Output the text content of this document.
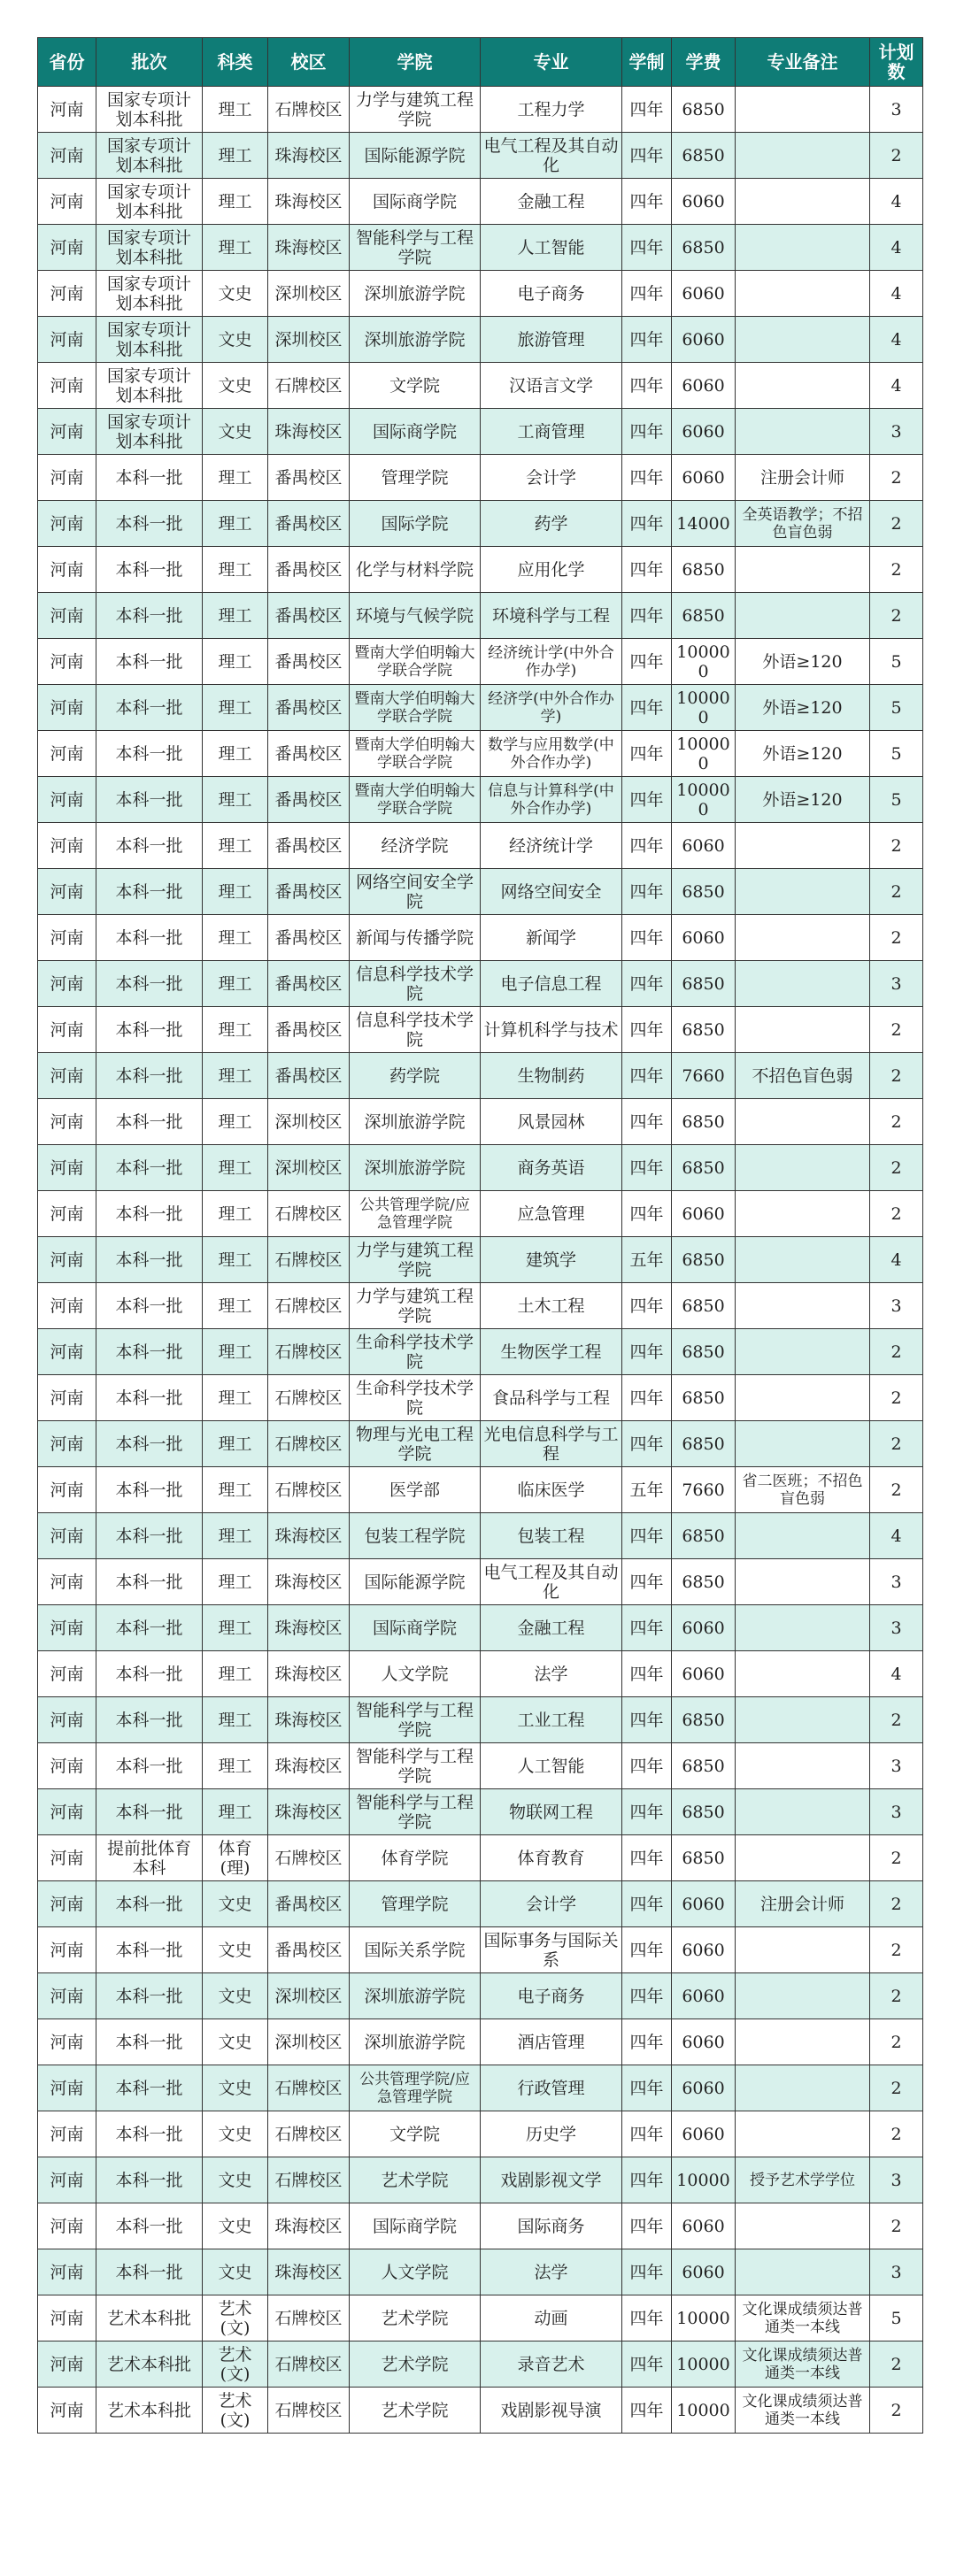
省份	批次	科类	校区	学院	专业	学制	学费	专业备注	计划数
河南	国家专项计划本科批	理工	石牌校区	力学与建筑工程学院	工程力学	四年	6850		3
河南	国家专项计划本科批	理工	珠海校区	国际能源学院	电气工程及其自动化	四年	6850		2
河南	国家专项计划本科批	理工	珠海校区	国际商学院	金融工程	四年	6060		4
河南	国家专项计划本科批	理工	珠海校区	智能科学与工程学院	人工智能	四年	6850		4
河南	国家专项计划本科批	文史	深圳校区	深圳旅游学院	电子商务	四年	6060		4
河南	国家专项计划本科批	文史	深圳校区	深圳旅游学院	旅游管理	四年	6060		4
河南	国家专项计划本科批	文史	石牌校区	文学院	汉语言文学	四年	6060		4
河南	国家专项计划本科批	文史	珠海校区	国际商学院	工商管理	四年	6060		3
河南	本科一批	理工	番禺校区	管理学院	会计学	四年	6060	注册会计师	2
河南	本科一批	理工	番禺校区	国际学院	药学	四年	14000	全英语教学；不招色盲色弱	2
河南	本科一批	理工	番禺校区	化学与材料学院	应用化学	四年	6850		2
河南	本科一批	理工	番禺校区	环境与气候学院	环境科学与工程	四年	6850		2
河南	本科一批	理工	番禺校区	暨南大学伯明翰大学联合学院	经济统计学(中外合作办学)	四年	100000	外语≥120	5
河南	本科一批	理工	番禺校区	暨南大学伯明翰大学联合学院	经济学(中外合作办学)	四年	100000	外语≥120	5
河南	本科一批	理工	番禺校区	暨南大学伯明翰大学联合学院	数学与应用数学(中外合作办学)	四年	100000	外语≥120	5
河南	本科一批	理工	番禺校区	暨南大学伯明翰大学联合学院	信息与计算科学(中外合作办学)	四年	100000	外语≥120	5
河南	本科一批	理工	番禺校区	经济学院	经济统计学	四年	6060		2
河南	本科一批	理工	番禺校区	网络空间安全学院	网络空间安全	四年	6850		2
河南	本科一批	理工	番禺校区	新闻与传播学院	新闻学	四年	6060		2
河南	本科一批	理工	番禺校区	信息科学技术学院	电子信息工程	四年	6850		3
河南	本科一批	理工	番禺校区	信息科学技术学院	计算机科学与技术	四年	6850		2
河南	本科一批	理工	番禺校区	药学院	生物制药	四年	7660	不招色盲色弱	2
河南	本科一批	理工	深圳校区	深圳旅游学院	风景园林	四年	6850		2
河南	本科一批	理工	深圳校区	深圳旅游学院	商务英语	四年	6850		2
河南	本科一批	理工	石牌校区	公共管理学院/应急管理学院	应急管理	四年	6060		2
河南	本科一批	理工	石牌校区	力学与建筑工程学院	建筑学	五年	6850		4
河南	本科一批	理工	石牌校区	力学与建筑工程学院	土木工程	四年	6850		3
河南	本科一批	理工	石牌校区	生命科学技术学院	生物医学工程	四年	6850		2
河南	本科一批	理工	石牌校区	生命科学技术学院	食品科学与工程	四年	6850		2
河南	本科一批	理工	石牌校区	物理与光电工程学院	光电信息科学与工程	四年	6850		2
河南	本科一批	理工	石牌校区	医学部	临床医学	五年	7660	省二医班；不招色盲色弱	2
河南	本科一批	理工	珠海校区	包装工程学院	包装工程	四年	6850		4
河南	本科一批	理工	珠海校区	国际能源学院	电气工程及其自动化	四年	6850		3
河南	本科一批	理工	珠海校区	国际商学院	金融工程	四年	6060		3
河南	本科一批	理工	珠海校区	人文学院	法学	四年	6060		4
河南	本科一批	理工	珠海校区	智能科学与工程学院	工业工程	四年	6850		2
河南	本科一批	理工	珠海校区	智能科学与工程学院	人工智能	四年	6850		3
河南	本科一批	理工	珠海校区	智能科学与工程学院	物联网工程	四年	6850		3
河南	提前批体育本科	体育(理)	石牌校区	体育学院	体育教育	四年	6850		2
河南	本科一批	文史	番禺校区	管理学院	会计学	四年	6060	注册会计师	2
河南	本科一批	文史	番禺校区	国际关系学院	国际事务与国际关系	四年	6060		2
河南	本科一批	文史	深圳校区	深圳旅游学院	电子商务	四年	6060		2
河南	本科一批	文史	深圳校区	深圳旅游学院	酒店管理	四年	6060		2
河南	本科一批	文史	石牌校区	公共管理学院/应急管理学院	行政管理	四年	6060		2
河南	本科一批	文史	石牌校区	文学院	历史学	四年	6060		2
河南	本科一批	文史	石牌校区	艺术学院	戏剧影视文学	四年	10000	授予艺术学学位	3
河南	本科一批	文史	珠海校区	国际商学院	国际商务	四年	6060		2
河南	本科一批	文史	珠海校区	人文学院	法学	四年	6060		3
河南	艺术本科批	艺术(文)	石牌校区	艺术学院	动画	四年	10000	文化课成绩须达普通类一本线	5
河南	艺术本科批	艺术(文)	石牌校区	艺术学院	录音艺术	四年	10000	文化课成绩须达普通类一本线	2
河南	艺术本科批	艺术(文)	石牌校区	艺术学院	戏剧影视导演	四年	10000	文化课成绩须达普通类一本线	2
